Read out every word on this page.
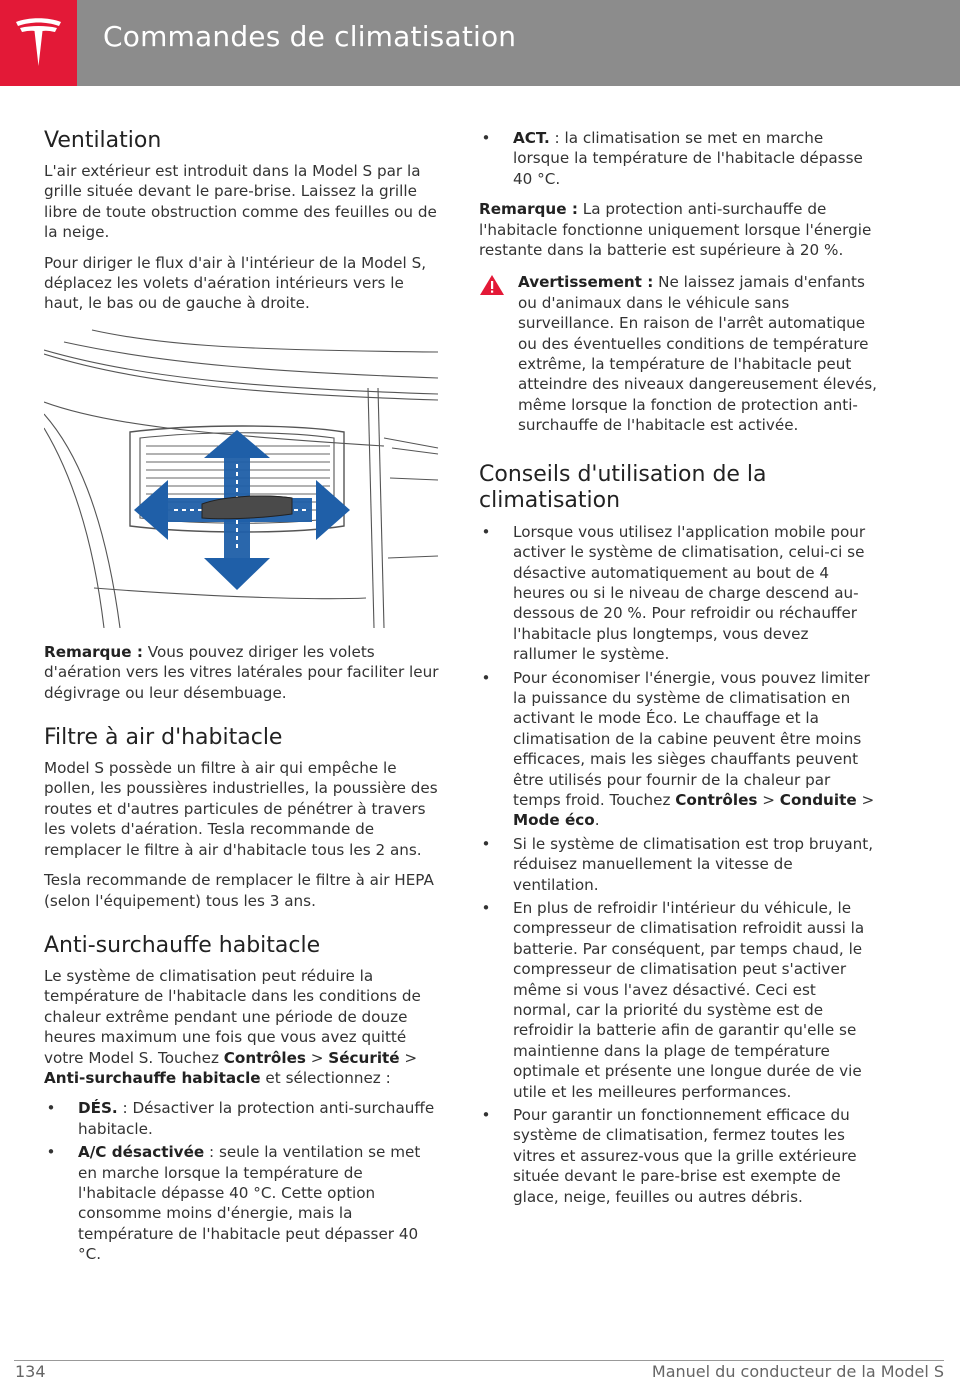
Commandes de climatisation
Ventilation

L'air extérieur est introduit dans la Model S par la grille située devant le pare-brise. Laissez la grille libre de toute obstruction comme des feuilles ou de la neige.

Pour diriger le flux d'air à l'intérieur de la Model S, déplacez les volets d'aération intérieurs vers le haut, le bas ou de gauche à droite.

Remarque : Vous pouvez diriger les volets d'aération vers les vitres latérales pour faciliter leur dégivrage ou leur désembuage.

Filtre à air d'habitacle

Model S possède un filtre à air qui empêche le pollen, les poussières industrielles, la poussière des routes et d'autres particules de pénétrer à travers les volets d'aération. Tesla recommande de remplacer le filtre à air d'habitacle tous les 2 ans.

Tesla recommande de remplacer le filtre à air HEPA (selon l'équipement) tous les 3 ans.

Anti-surchauffe habitacle

Le système de climatisation peut réduire la température de l'habitacle dans les conditions de chaleur extrême pendant une période de douze heures maximum une fois que vous avez quitté votre Model S. Touchez Contrôles > Sécurité > Anti-surchauffe habitacle et sélectionnez :

• DÉS. : Désactiver la protection anti-surchauffe habitacle.
• A/C désactivée : seule la ventilation se met en marche lorsque la température de l'habitacle dépasse 40 °C. Cette option consomme moins d'énergie, mais la température de l'habitacle peut dépasser 40 °C.
• ACT. : la climatisation se met en marche lorsque la température de l'habitacle dépasse 40 °C.

Remarque : La protection anti-surchauffe de l'habitacle fonctionne uniquement lorsque l'énergie restante dans la batterie est supérieure à 20 %.

Avertissement : Ne laissez jamais d'enfants ou d'animaux dans le véhicule sans surveillance. En raison de l'arrêt automatique ou des éventuelles conditions de température extrême, la température de l'habitacle peut atteindre des niveaux dangereusement élevés, même lorsque la fonction de protection anti-surchauffe de l'habitacle est activée.

Conseils d'utilisation de la climatisation
• Lorsque vous utilisez l'application mobile pour activer le système de climatisation, celui-ci se désactive automatiquement au bout de 4 heures ou si le niveau de charge descend au-dessous de 20 %. Pour refroidir ou réchauffer l'habitacle plus longtemps, vous devez rallumer le système.
• Pour économiser l'énergie, vous pouvez limiter la puissance du système de climatisation en activant le mode Éco. Le chauffage et la climatisation de la cabine peuvent être moins efficaces, mais les sièges chauffants peuvent être utilisés pour fournir de la chaleur par temps froid. Touchez Contrôles > Conduite > Mode éco.
• Si le système de climatisation est trop bruyant, réduisez manuellement la vitesse de ventilation.
• En plus de refroidir l'intérieur du véhicule, le compresseur de climatisation refroidit aussi la batterie. Par conséquent, par temps chaud, le compresseur de climatisation peut s'activer même si vous l'avez désactivé. Ceci est normal, car la priorité du système est de refroidir la batterie afin de garantir qu'elle se maintienne dans la plage de température optimale et présente une longue durée de vie utile et les meilleures performances.
• Pour garantir un fonctionnement efficace du système de climatisation, fermez toutes les vitres et assurez-vous que la grille extérieure située devant le pare-brise est exempte de glace, neige, feuilles ou autres débris.
134	Manuel du conducteur de la Model S
